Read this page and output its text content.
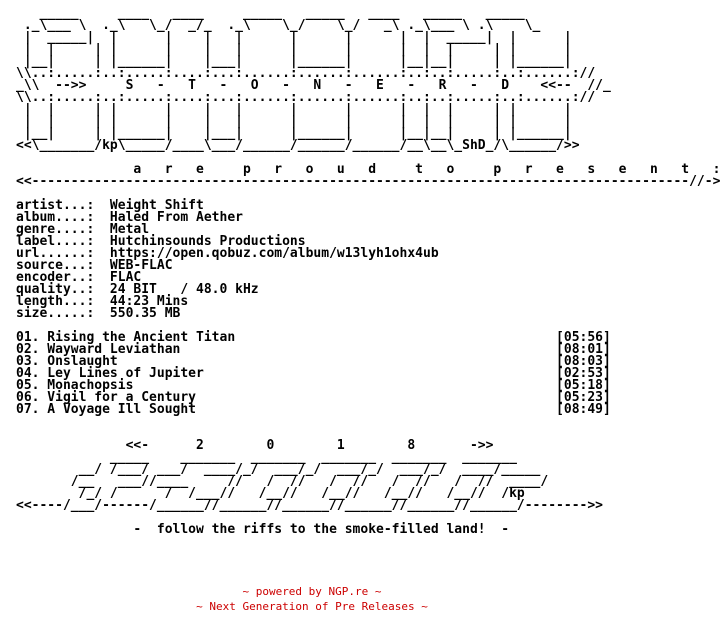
_____     ____   ____     _____   _____   ____   _____   _____
._\___ \  ._\   \_/  _/_  ._\    \_/    \_/   _\ ._\___ \ .\    \_
|  _____|  |      |    |   |      |      |      |  |  _____|  |      |
|  |     | |      |    |   |      |      |      |  |  |     | |      |
|__|     | |______|    |___|      |______|      |__|__|     | |______|
\\..:.....:..:.....:....:...:......:......:......:..:..:.....:..:......://
_\\  -->>     S   -   T   -   O   -   N   -   E   -   R   -   D    <<--  //_
\\..:.....:..:.....:....:...:......:......:......:..:..:.....:..:......://
|  |     | |      |    |   |      |      |      |  |  |     | |      |
|  |     | |      |    |   |      |      |      |  |  |     | |      |
|__|     | |______|    |___|      |______|      |__|__|     | |______|
<<\_______/kp\_____/____\___/______/______/______/__\__\_ShD_/\______/>>

a   r   e     p   r   o   u   d     t   o     p   r   e   s   e   n   t   :
<<------------------------------------------------------------------------------------//->

artist...:  Weight Shift
album....:  Haled From Aether
genre....:  Metal
label....:  Hutchinsounds Productions
url......:  https://open.qobuz.com/album/w13lyh1ohx4ub
source...:  WEB-FLAC
encoder..:  FLAC
quality..:  24 BIT   / 48.0 kHz
length...:  44:23 Mins
size.....:  550.35 MB

01. Rising the Ancient Titan                                         [05:56]
02. Wayward Leviathan                                                [08:01]
03. Onslaught                                                        [08:03]
04. Ley Lines of Jupiter                                             [02:53]
05. Monachopsis                                                      [05:18]
06. Vigil for a Century                                              [05:23]
07. A Voyage Ill Sought                                              [08:49]

<<-      2        0        1        8       ->>
_____    _______  _______  _______  _______  _______
__/ /___/ ___/  ____/_/  ___/_/  ___/_/  ___/_/  ____/_____
/__   ___//____     //   /  //   /  //   /  //   /  //  ____/
/_/ /      /  /___//   /__//   /__//   /__//   /__//  /kp
<<----/___/------/______//______//______//______//______//______/-------->>

-  follow the riffs to the smoke-filled land!  -
~ powered by NGP.re ~
~ Next Generation of Pre Releases ~
